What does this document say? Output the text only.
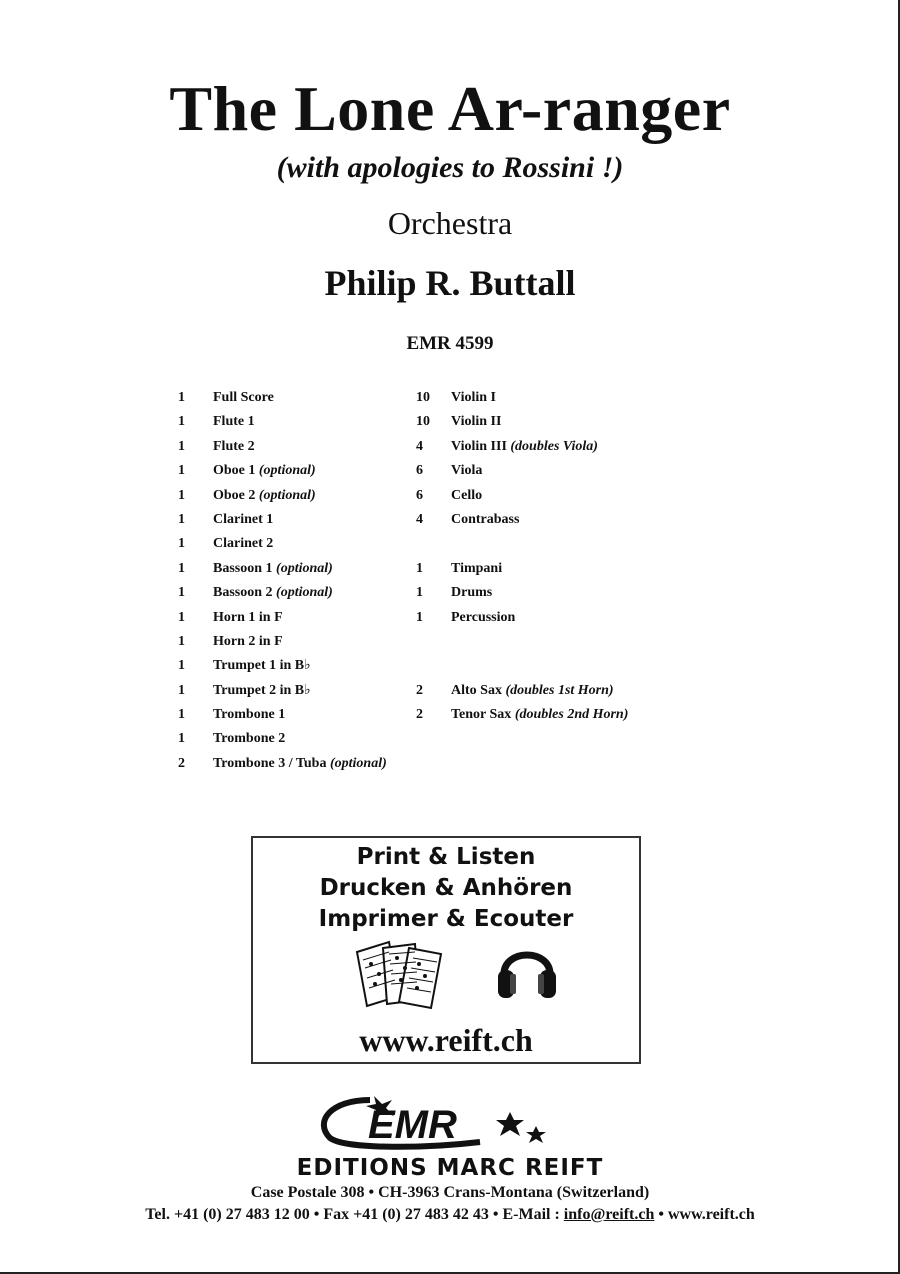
The Lone Ar-ranger
(with apologies to Rossini !)
Orchestra
Philip R. Buttall
EMR 4599
1 Full Score
1 Flute 1
1 Flute 2
1 Oboe 1 (optional)
1 Oboe 2 (optional)
1 Clarinet 1
1 Clarinet 2
1 Bassoon 1 (optional)
1 Bassoon 2 (optional)
1 Horn 1 in F
1 Horn 2 in F
1 Trumpet 1 in B♭
1 Trumpet 2 in B♭
1 Trombone 1
1 Trombone 2
2 Trombone 3 / Tuba (optional)
10 Violin I
10 Violin II
4 Violin III (doubles Viola)
6 Viola
6 Cello
4 Contrabass
1 Timpani
1 Drums
1 Percussion
2 Alto Sax (doubles 1st Horn)
2 Tenor Sax (doubles 2nd Horn)
Print & Listen
Drucken & Anhören
Imprimer & Ecouter
www.reift.ch
EMR
EDITIONS MARC REIFT
Case Postale 308 • CH-3963 Crans-Montana (Switzerland)
Tel. +41 (0) 27 483 12 00 • Fax +41 (0) 27 483 42 43 • E-Mail : info@reift.ch • www.reift.ch
